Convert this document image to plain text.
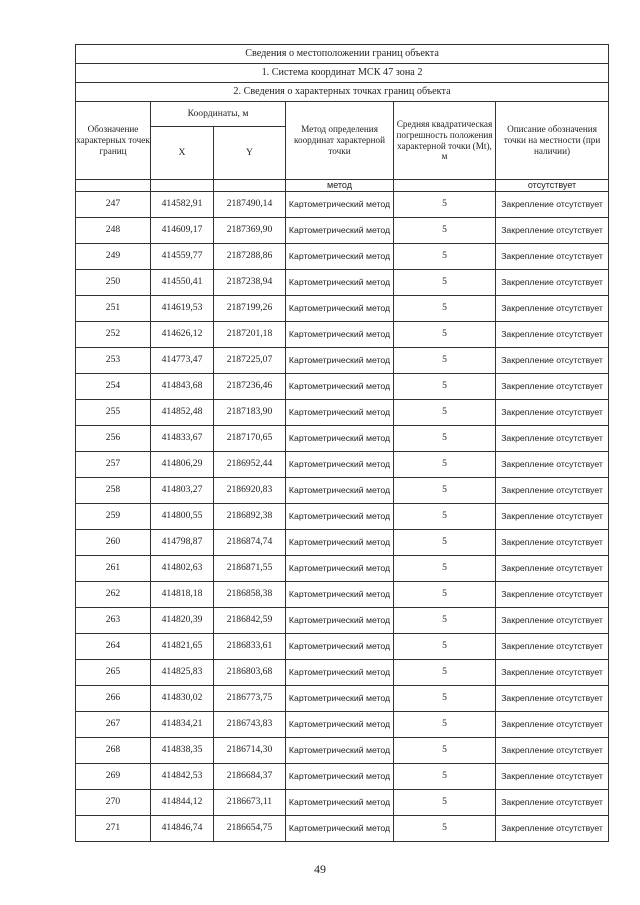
Сведения о местоположении границ объекта					
1. Система координат МСК 47 зона 2					
2. Сведения о характерных точках границ объекта					
Обозначение характерных точек границ	Координаты, м		Метод определения координат характерной точки	Средняя квадратическая погрешность положения характерной точки (Mt), м	Описание обозначения точки на местности (при наличии)
	X	Y			
			метод		отсутствует
247	414582,91	2187490,14	Картометрический метод	5	Закрепление отсутствует
248	414609,17	2187369,90	Картометрический метод	5	Закрепление отсутствует
249	414559,77	2187288,86	Картометрический метод	5	Закрепление отсутствует
250	414550,41	2187238,94	Картометрический метод	5	Закрепление отсутствует
251	414619,53	2187199,26	Картометрический метод	5	Закрепление отсутствует
252	414626,12	2187201,18	Картометрический метод	5	Закрепление отсутствует
253	414773,47	2187225,07	Картометрический метод	5	Закрепление отсутствует
254	414843,68	2187236,46	Картометрический метод	5	Закрепление отсутствует
255	414852,48	2187183,90	Картометрический метод	5	Закрепление отсутствует
256	414833,67	2187170,65	Картометрический метод	5	Закрепление отсутствует
257	414806,29	2186952,44	Картометрический метод	5	Закрепление отсутствует
258	414803,27	2186920,83	Картометрический метод	5	Закрепление отсутствует
259	414800,55	2186892,38	Картометрический метод	5	Закрепление отсутствует
260	414798,87	2186874,74	Картометрический метод	5	Закрепление отсутствует
261	414802,63	2186871,55	Картометрический метод	5	Закрепление отсутствует
262	414818,18	2186858,38	Картометрический метод	5	Закрепление отсутствует
263	414820,39	2186842,59	Картометрический метод	5	Закрепление отсутствует
264	414821,65	2186833,61	Картометрический метод	5	Закрепление отсутствует
265	414825,83	2186803,68	Картометрический метод	5	Закрепление отсутствует
266	414830,02	2186773,75	Картометрический метод	5	Закрепление отсутствует
267	414834,21	2186743,83	Картометрический метод	5	Закрепление отсутствует
268	414838,35	2186714,30	Картометрический метод	5	Закрепление отсутствует
269	414842,53	2186684,37	Картометрический метод	5	Закрепление отсутствует
270	414844,12	2186673,11	Картометрический метод	5	Закрепление отсутствует
271	414846,74	2186654,75	Картометрический метод	5	Закрепление отсутствует
49
